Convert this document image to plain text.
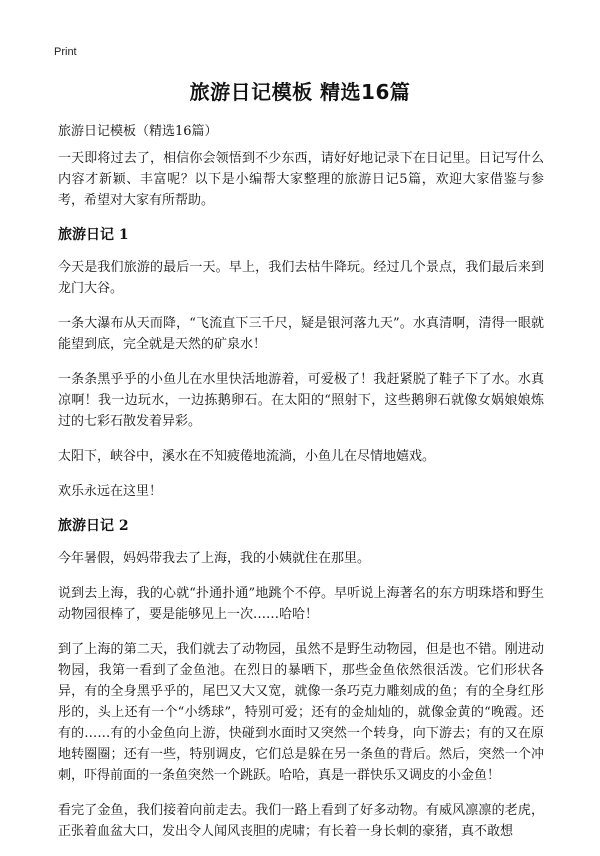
Print
旅游日记模板 精选16篇
旅游日记模板（精选16篇）

一天即将过去了，相信你会领悟到不少东西，请好好地记录下在日记里。日记写什么内容才新颖、丰富呢？以下是小编帮大家整理的旅游日记5篇，欢迎大家借鉴与参考，希望对大家有所帮助。

旅游日记 1

今天是我们旅游的最后一天。早上，我们去枯牛降玩。经过几个景点，我们最后来到龙门大谷。

一条大瀑布从天而降，“飞流直下三千尺，疑是银河落九天”。水真清啊，清得一眼就能望到底，完全就是天然的矿泉水！

一条条黑乎乎的小鱼儿在水里快活地游着，可爱极了！我赶紧脱了鞋子下了水。水真凉啊！我一边玩水，一边拣鹅卵石。在太阳的“照射下，这些鹅卵石就像女娲娘娘炼过的七彩石散发着异彩。

太阳下，峡谷中，溪水在不知疲倦地流淌，小鱼儿在尽情地嬉戏。

欢乐永远在这里！

旅游日记 2

今年暑假，妈妈带我去了上海，我的小姨就住在那里。

说到去上海，我的心就“扑通扑通”地跳个不停。早听说上海著名的东方明珠塔和野生动物园很棒了，要是能够见上一次……哈哈！

到了上海的第二天，我们就去了动物园，虽然不是野生动物园，但是也不错。刚进动物园，我第一看到了金鱼池。在烈日的暴晒下，那些金鱼依然很活泼。它们形状各异，有的全身黑乎乎的，尾巴又大又宽，就像一条巧克力雕刻成的鱼；有的全身红彤彤的，头上还有一个“小绣球”，特别可爱；还有的金灿灿的，就像金黄的“晚霞。还有的……有的小金鱼向上游，快碰到水面时又突然一个转身，向下游去；有的又在原地转圈圈；还有一些，特别调皮，它们总是躲在另一条鱼的背后。然后，突然一个冲刺，吓得前面的一条鱼突然一个跳跃。哈哈，真是一群快乐又调皮的小金鱼！

看完了金鱼，我们接着向前走去。我们一路上看到了好多动物。有威风凛凛的老虎，正张着血盆大口，发出令人闻风丧胆的虎啸；有长着一身长刺的豪猪，真不敢想
